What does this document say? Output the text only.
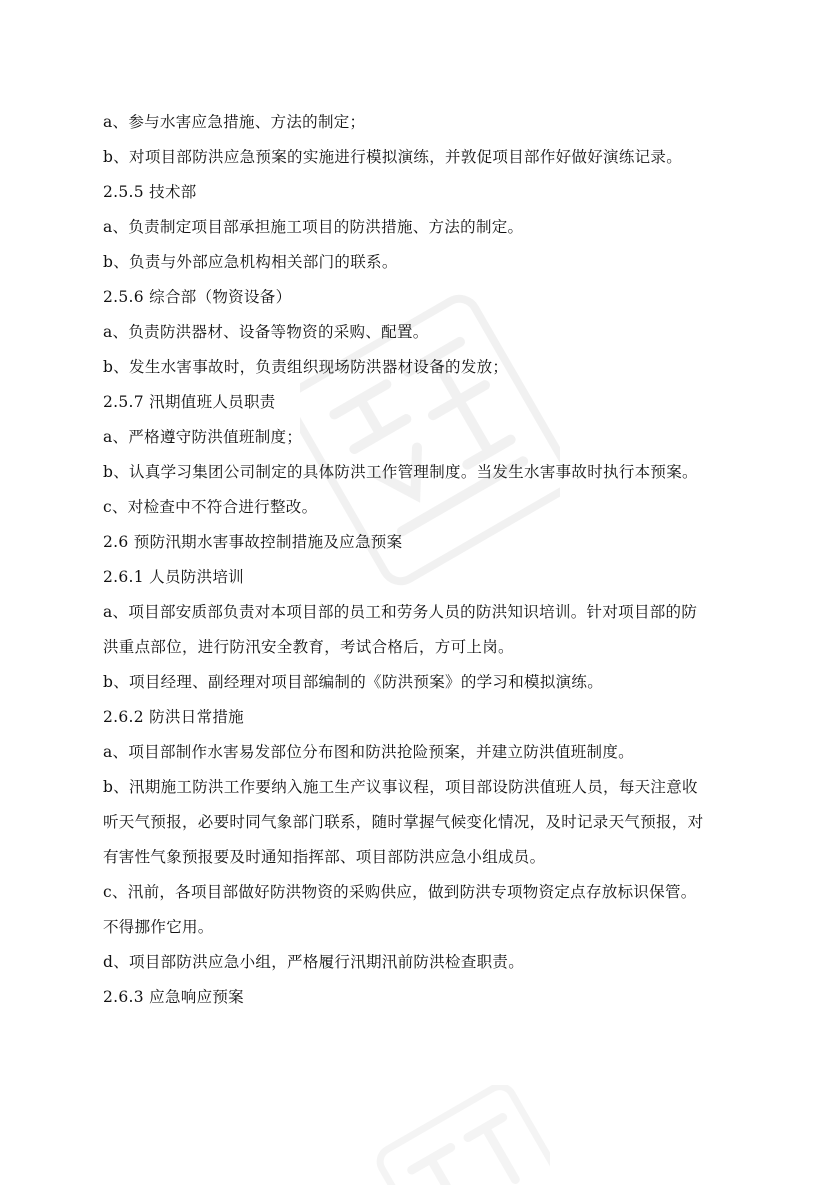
a、参与水害应急措施、方法的制定；
b、对项目部防洪应急预案的实施进行模拟演练，并敦促项目部作好做好演练记录。
2.5.5 技术部
a、负责制定项目部承担施工项目的防洪措施、方法的制定。
b、负责与外部应急机构相关部门的联系。
2.5.6 综合部（物资设备）
a、负责防洪器材、设备等物资的采购、配置。
b、发生水害事故时，负责组织现场防洪器材设备的发放；
2.5.7 汛期值班人员职责
a、严格遵守防洪值班制度；
b、认真学习集团公司制定的具体防洪工作管理制度。当发生水害事故时执行本预案。
c、对检查中不符合进行整改。
2.6 预防汛期水害事故控制措施及应急预案
2.6.1 人员防洪培训
a、项目部安质部负责对本项目部的员工和劳务人员的防洪知识培训。针对项目部的防
洪重点部位，进行防汛安全教育，考试合格后，方可上岗。
b、项目经理、副经理对项目部编制的《防洪预案》的学习和模拟演练。
2.6.2 防洪日常措施
a、项目部制作水害易发部位分布图和防洪抢险预案，并建立防洪值班制度。
b、汛期施工防洪工作要纳入施工生产议事议程，项目部设防洪值班人员，每天注意收
听天气预报，必要时同气象部门联系，随时掌握气候变化情况，及时记录天气预报，对
有害性气象预报要及时通知指挥部、项目部防洪应急小组成员。
c、汛前，各项目部做好防洪物资的采购供应，做到防洪专项物资定点存放标识保管。
不得挪作它用。
d、项目部防洪应急小组，严格履行汛期汛前防洪检查职责。
2.6.3 应急响应预案
